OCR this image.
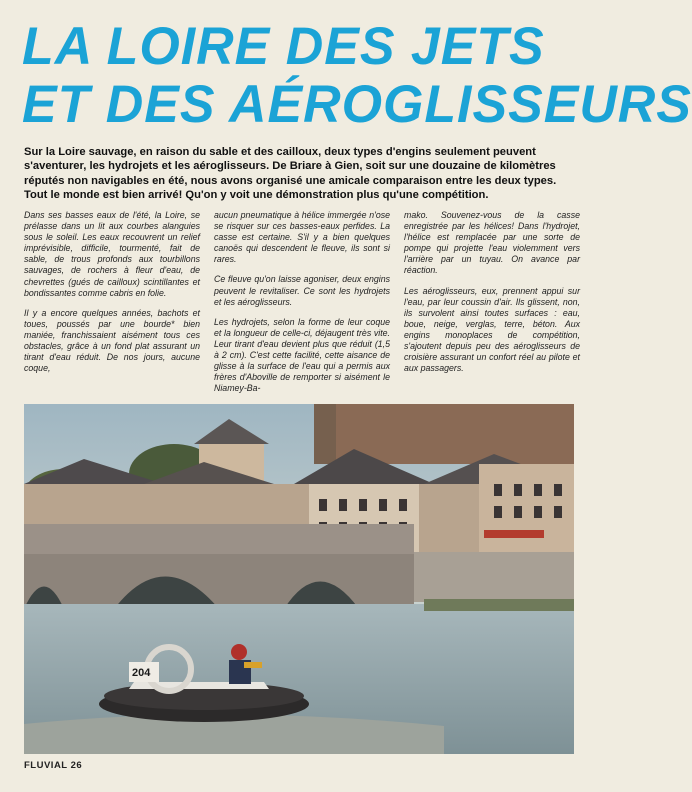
LA LOIRE DES JETS
ET DES AÉROGLISSEURS

Sur la Loire sauvage, en raison du sable et des cailloux, deux types d'engins seulement peuvent s'aventurer, les hydrojets et les aéroglisseurs. De Briare à Gien, soit sur une douzaine de kilomètres réputés non navigables en été, nous avons organisé une amicale comparaison entre les deux types. Tout le monde est bien arrivé! Qu'on y voit une démonstration plus qu'une compétition.

Dans ses basses eaux de l'été, la Loire, se prélasse dans un lit aux courbes alanguies sous le soleil. Les eaux recouvrent un relief imprévisible, difficile, tourmenté, fait de sable, de trous profonds aux tourbillons sauvages, de rochers à fleur d'eau, de chevrettes (gués de cailloux) scintillantes et bondissantes comme cabris en folie.

Il y a encore quelques années, bachots et toues, poussés par une bourde* bien maniée, franchissaient aisément tous ces obstacles, grâce à un fond plat assurant un tirant d'eau réduit. De nos jours, aucune coque,

aucun pneumatique à hélice immergée n'ose se risquer sur ces basses-eaux perfides. La casse est certaine. S'il y a bien quelques canoës qui descendent le fleuve, ils sont si rares.

Ce fleuve qu'on laisse agoniser, deux engins peuvent le revitaliser. Ce sont les hydrojets et les aéroglisseurs.

Les hydrojets, selon la forme de leur coque et la longueur de celle-ci, déjaugent très vite. Leur tirant d'eau devient plus que réduit (1,5 à 2 cm). C'est cette facilité, cette aisance de glisse à la surface de l'eau qui a permis aux frères d'Aboville de remporter si aisément le Niamey-Ba-

mako. Souvenez-vous de la casse enregistrée par les hélices! Dans l'hydrojet, l'hélice est remplacée par une sorte de pompe qui projette l'eau violemment vers l'arrière par un tuyau. On avance par réaction.

Les aéroglisseurs, eux, prennent appui sur l'eau, par leur coussin d'air. Ils glissent, non, ils survolent ainsi toutes surfaces : eau, boue, neige, verglas, terre, béton. Aux engins monoplaces de compétition, s'ajoutent depuis peu des aéroglisseurs de croisière assurant un confort réel au pilote et aux passagers.

204
FLUVIAL 26
